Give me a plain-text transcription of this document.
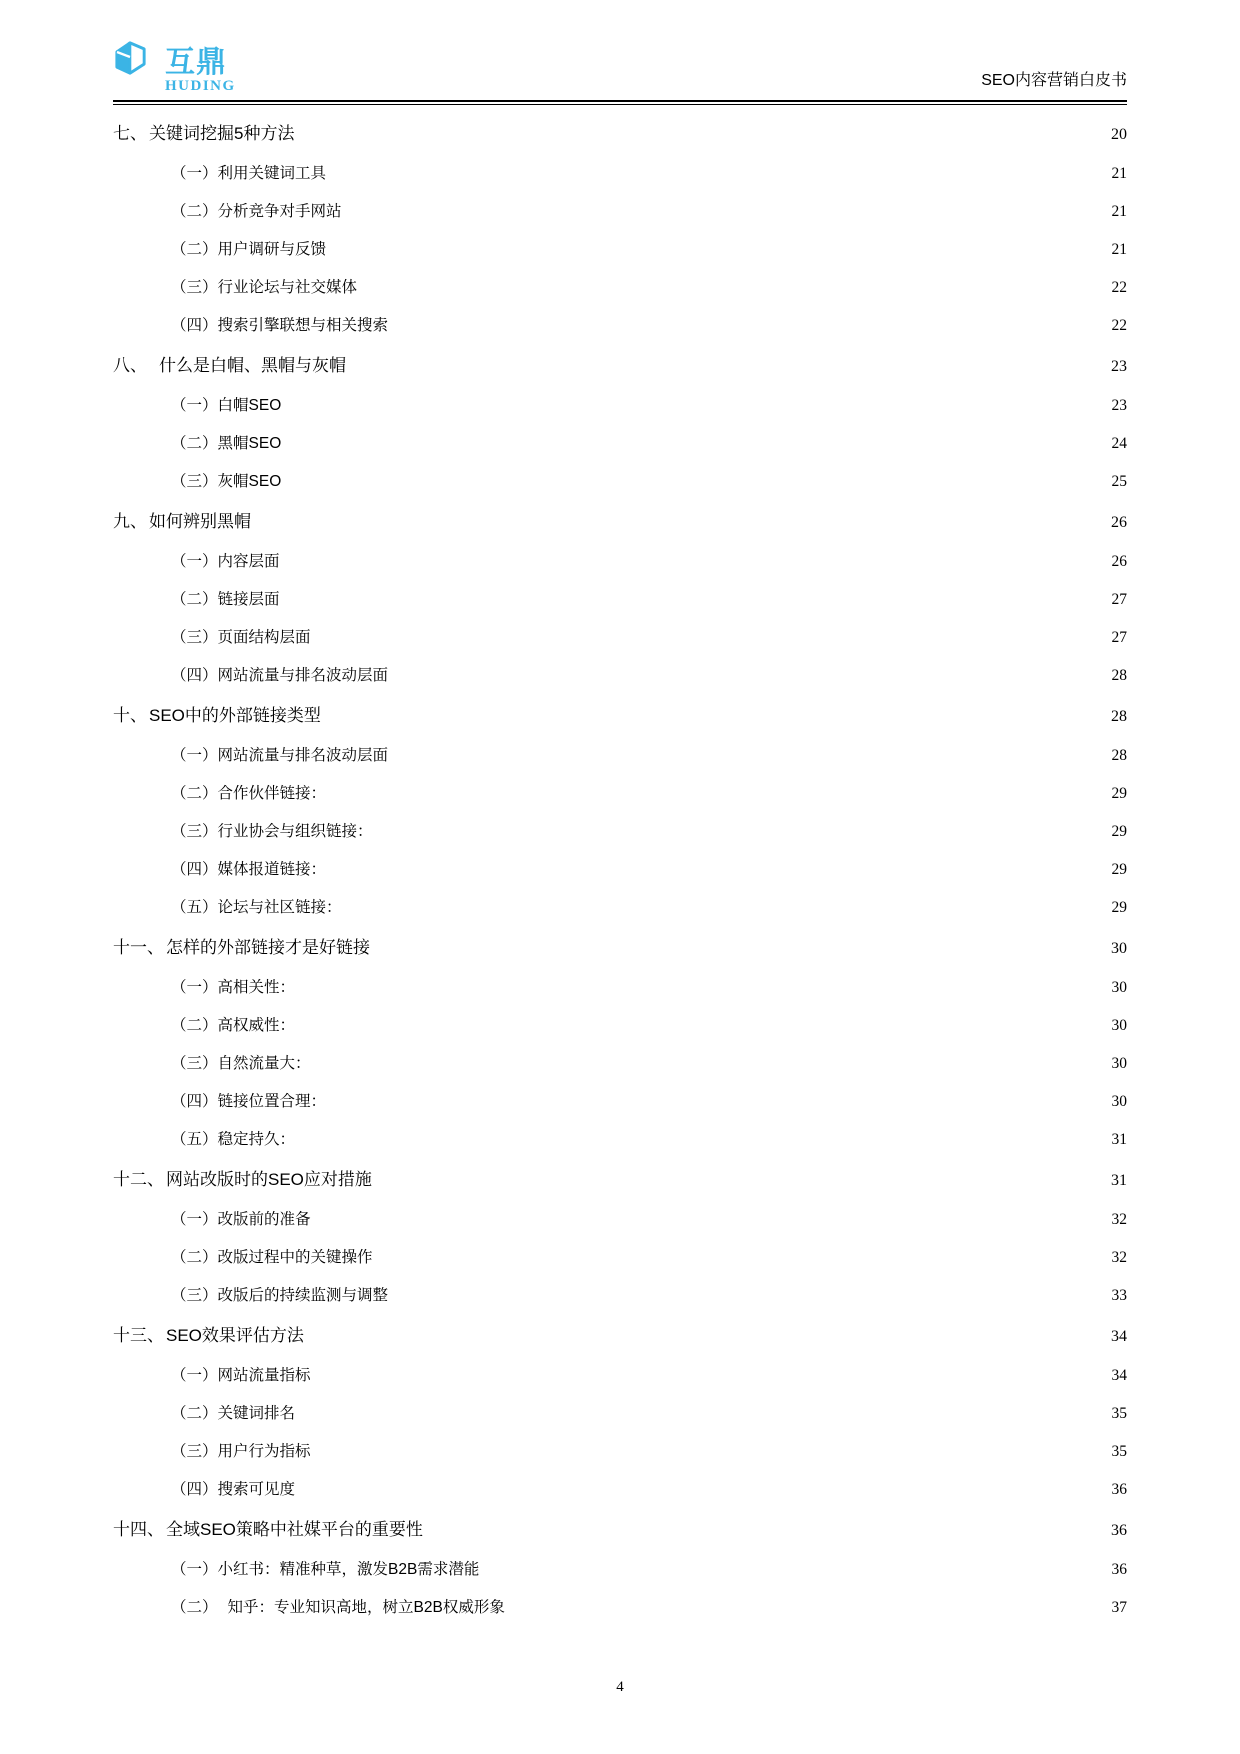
互鼎
HUDING	SEO内容营销白皮书
七、 关键词挖掘5种方法 .....	20
（一）利用关键词工具 .....	21
（二）分析竞争对手网站 .....	21
（二）用户调研与反馈 .....	21
（三）行业论坛与社交媒体 .....	22
（四）搜索引擎联想与相关搜索 .....	22
八、 什么是白帽、黑帽与灰帽 .....	23
（一）白帽SEO .....	23
（二）黑帽SEO .....	24
（三）灰帽SEO .....	25
九、 如何辨别黑帽 .....	26
（一）内容层面 .....	26
（二）链接层面 .....	27
（三）页面结构层面 .....	27
（四）网站流量与排名波动层面 .....	28
十、 SEO中的外部链接类型 .....	28
（一）网站流量与排名波动层面 .....	28
（二）合作伙伴链接： .....	29
（三）行业协会与组织链接： .....	29
（四）媒体报道链接： .....	29
（五）论坛与社区链接： .....	29
十一、 怎样的外部链接才是好链接 .....	30
（一）高相关性： .....	30
（二）高权威性： .....	30
（三）自然流量大： .....	30
（四）链接位置合理： .....	30
（五）稳定持久： .....	31
十二、 网站改版时的SEO应对措施 .....	31
（一）改版前的准备 .....	32
（二）改版过程中的关键操作 .....	32
（三）改版后的持续监测与调整 .....	33
十三、 SEO效果评估方法 .....	34
（一）网站流量指标 .....	34
（二）关键词排名 .....	35
（三）用户行为指标 .....	35
（四）搜索可见度 .....	36
十四、 全域SEO策略中社媒平台的重要性 .....	36
（一）小红书：精准种草，激发B2B需求潜能 .....	36
（二） 知乎：专业知识高地，树立B2B权威形象 .....	37
4
